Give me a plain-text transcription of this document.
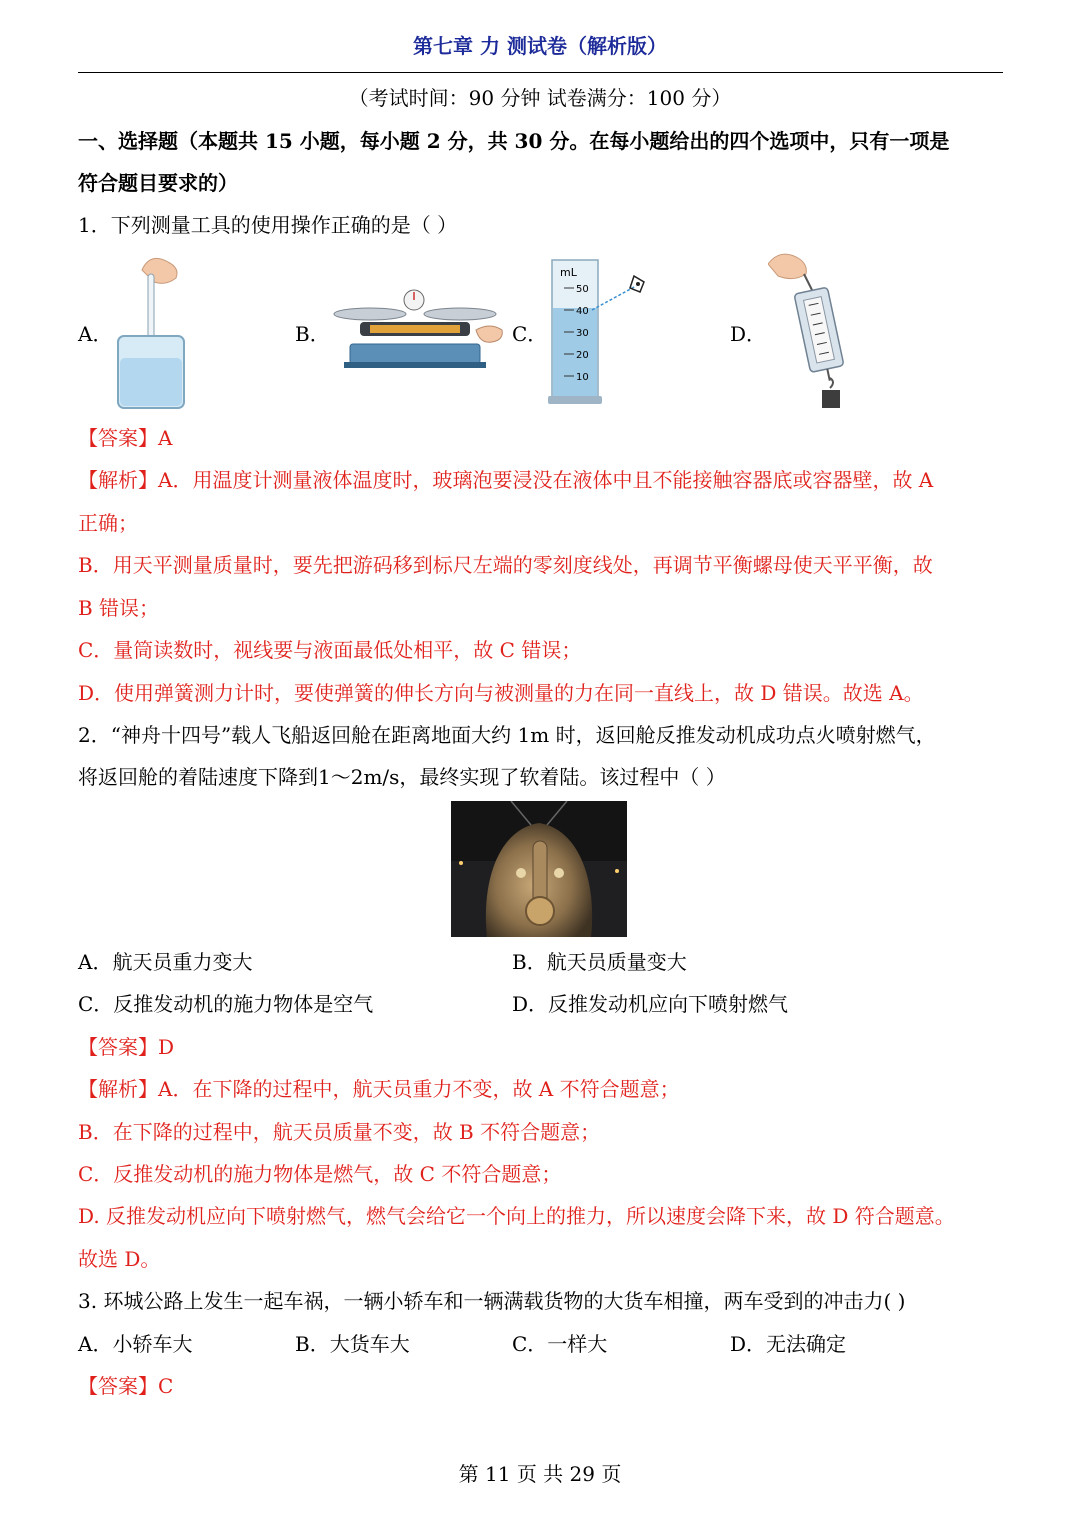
第七章 力 测试卷（解析版）
（考试时间：90 分钟 试卷满分：100 分）
一、选择题（本题共 15 小题，每小题 2 分，共 30 分。在每小题给出的四个选项中，只有一项是
符合题目要求的）
1．下列测量工具的使用操作正确的是（ ）
A．	B．	C．	D．
mL
50
40
30
20
10
【答案】A
【解析】A．用温度计测量液体温度时，玻璃泡要浸没在液体中且不能接触容器底或容器壁，故 A
正确；
B．用天平测量质量时，要先把游码移到标尺左端的零刻度线处，再调节平衡螺母使天平平衡，故
B 错误；
C．量筒读数时，视线要与液面最低处相平，故 C 错误；
D．使用弹簧测力计时，要使弹簧的伸长方向与被测量的力在同一直线上，故 D 错误。故选 A。
2．“神舟十四号”载人飞船返回舱在距离地面大约 1m 时，返回舱反推发动机成功点火喷射燃气，
将返回舱的着陆速度下降到1～2m/s，最终实现了软着陆。该过程中（ ）
A．航天员重力变大	B．航天员质量变大
C．反推发动机的施力物体是空气	D．反推发动机应向下喷射燃气
【答案】D
【解析】A．在下降的过程中，航天员重力不变，故 A 不符合题意；
B．在下降的过程中，航天员质量不变，故 B 不符合题意；
C．反推发动机的施力物体是燃气，故 C 不符合题意；
D. 反推发动机应向下喷射燃气，燃气会给它一个向上的推力，所以速度会降下来，故 D 符合题意。
故选 D。
3. 环城公路上发生一起车祸，一辆小轿车和一辆满载货物的大货车相撞，两车受到的冲击力( )
A．小轿车大	B．大货车大	C．一样大	D．无法确定
【答案】C
第 11 页 共 29 页
